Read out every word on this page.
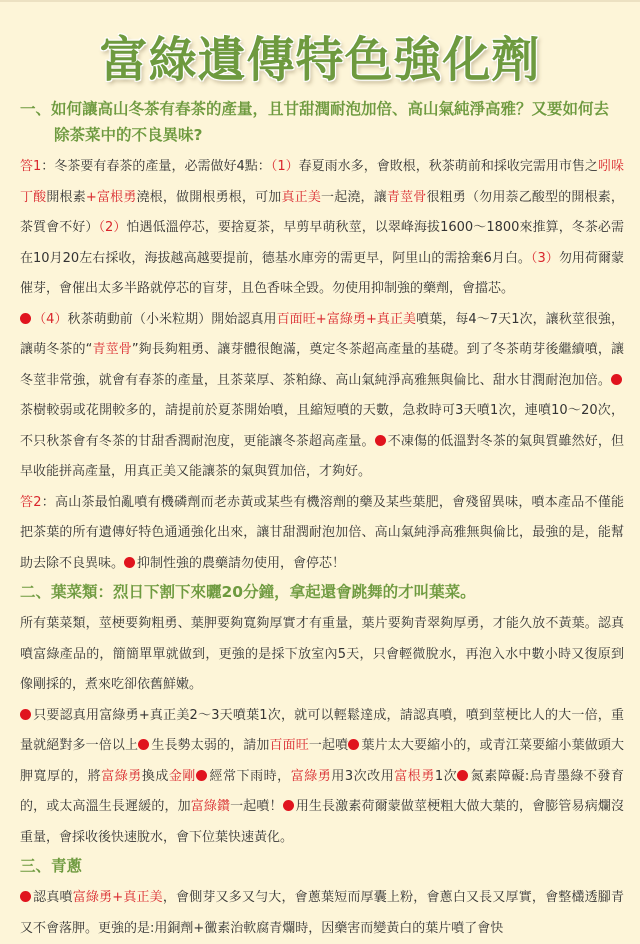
富綠遺傳特色強化劑
一、如何讓高山冬茶有春茶的產量，且甘甜潤耐泡加倍、高山氣純淨高雅？又要如何去除茶菜中的不良異味?
答1：冬茶要有春茶的產量，必需做好4點：（1）春夏雨水多，會敗根，秋茶萌前和採收完需用市售之吲哚丁酸開根素+富根勇澆根，做開根勇根，可加真正美一起澆，讓青莖骨很粗勇（勿用萘乙酸型的開根素，茶質會不好）（2）怕遇低溫停芯，要捨夏茶，早剪早萌秋莖，以翠峰海拔1600～1800來推算，冬茶必需在10月20左右採收，海拔越高越要提前，德基水庫旁的需更早，阿里山的需捨棄6月白。（3）勿用荷爾蒙催芽，會催出太多半路就停芯的盲芽，且色香味全毀。勿使用抑制強的藥劑，會擋芯。
（4）秋茶萌動前（小米粒期）開始認真用百面旺+富綠勇+真正美噴葉，每4～7天1次，讓秋莖很強，讓萌冬茶的“青莖骨”夠長夠粗勇、讓芽體很飽滿，奠定冬茶超高產量的基礎。到了冬茶萌芽後繼續噴，讓冬莖非常強，就會有春茶的產量，且茶菜厚、茶粕綠、高山氣純淨高雅無與倫比、甜水甘潤耐泡加倍。茶樹較弱或花開較多的，請提前於夏茶開始噴，且縮短噴的天數，急救時可3天噴1次，連噴10～20次，不只秋茶會有冬茶的甘甜香潤耐泡度，更能讓冬茶超高產量。 不凍傷的低溫對冬茶的氣與質雖然好，但早收能拼高產量，用真正美又能讓茶的氣與質加倍，才夠好。
答2：高山茶最怕亂噴有機磷劑而老赤黃或某些有機溶劑的藥及某些葉肥，會殘留異味，噴本產品不僅能把茶葉的所有遺傳好特色通通強化出來，讓甘甜潤耐泡加倍、高山氣純淨高雅無與倫比，最強的是，能幫助去除不良異味。 抑制性強的農藥請勿使用，會停芯！
二、葉菜類：烈日下割下來曬20分鐘，拿起還會跳舞的才叫葉菜。
所有葉菜類，莖梗要夠粗勇、葉胛要夠寬夠厚實才有重量，葉片要夠青翠夠厚勇，才能久放不黃葉。認真噴富綠產品的，簡簡單單就做到，更強的是採下放室內5天，只會輕微脫水，再泡入水中數小時又復原到像剛採的，煮來吃卻依舊鮮嫩。
只要認真用富綠勇+真正美2～3天噴葉1次，就可以輕鬆達成，請認真噴，噴到莖梗比人的大一倍，重量就絕對多一倍以上 生長勢太弱的，請加百面旺一起噴 葉片太大要縮小的，或青江菜要縮小葉做頭大胛寬厚的，將富綠勇換成金剛 經常下雨時，富綠勇用3次改用富根勇1次 氮素障礙:烏青墨綠不發育的，或太高溫生長遲緩的，加富綠鑽一起噴！ 用生長激素荷爾蒙做莖梗粗大做大葉的，會膨管易病爛沒重量，會採收後快速脫水，會下位葉快速黃化。
三、青蔥
認真噴富綠勇+真正美，會側芽又多又勻大，會蔥葉短而厚囊上粉，會蔥白又長又厚實，會整欉透腳青又不會落胛。更強的是:用銅劑+黴素治軟腐青爛時，因藥害而變黃白的葉片噴了會快
